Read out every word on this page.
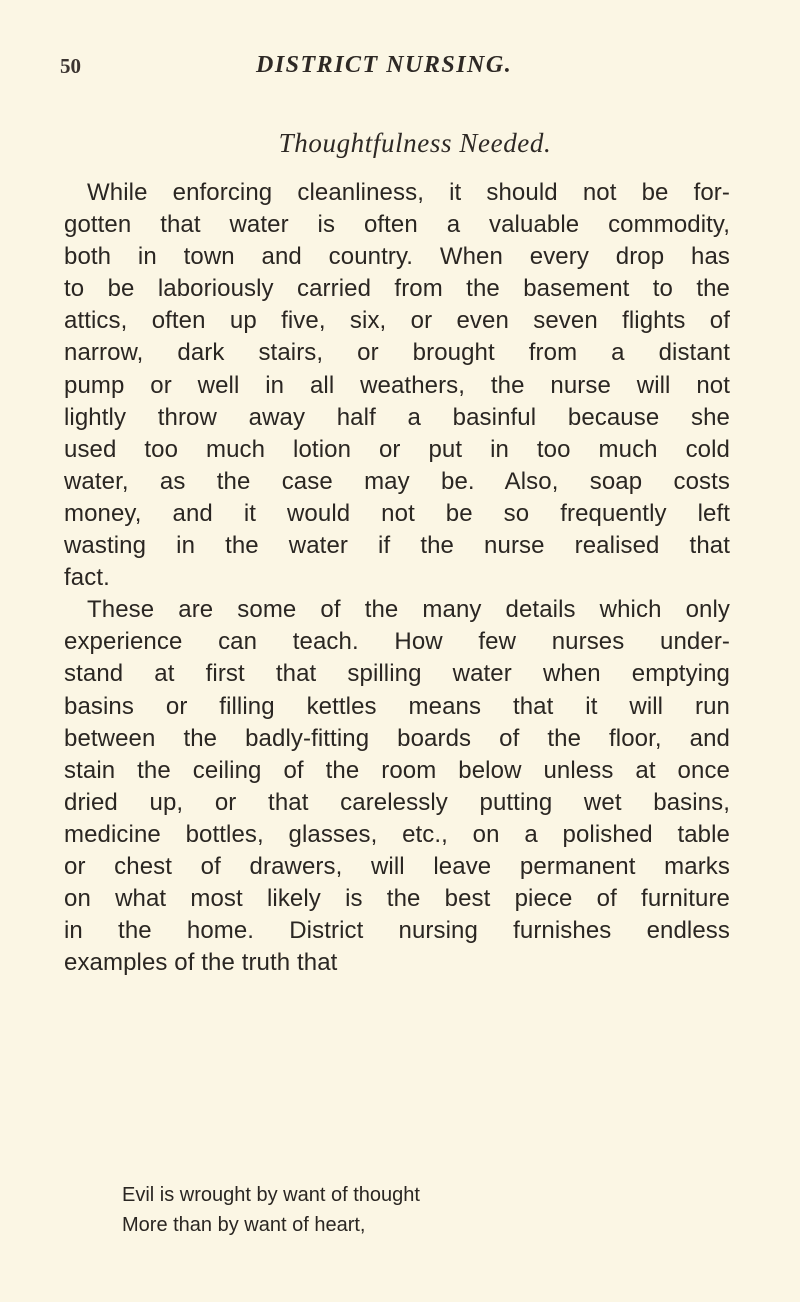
50	DISTRICT NURSING.
Thoughtfulness Needed.
While enforcing cleanliness, it should not be for-
gotten that water is often a valuable commodity,
both in town and country. When every drop has
to be laboriously carried from the basement to the
attics, often up five, six, or even seven flights of
narrow, dark stairs, or brought from a distant
pump or well in all weathers, the nurse will not
lightly throw away half a basinful because she
used too much lotion or put in too much cold
water, as the case may be. Also, soap costs
money, and it would not be so frequently left
wasting in the water if the nurse realised that
fact.
These are some of the many details which only
experience can teach. How few nurses under-
stand at first that spilling water when emptying
basins or filling kettles means that it will run
between the badly-fitting boards of the floor, and
stain the ceiling of the room below unless at once
dried up, or that carelessly putting wet basins,
medicine bottles, glasses, etc., on a polished table
or chest of drawers, will leave permanent marks
on what most likely is the best piece of furniture
in the home. District nursing furnishes endless
examples of the truth that
Evil is wrought by want of thought
More than by want of heart,
